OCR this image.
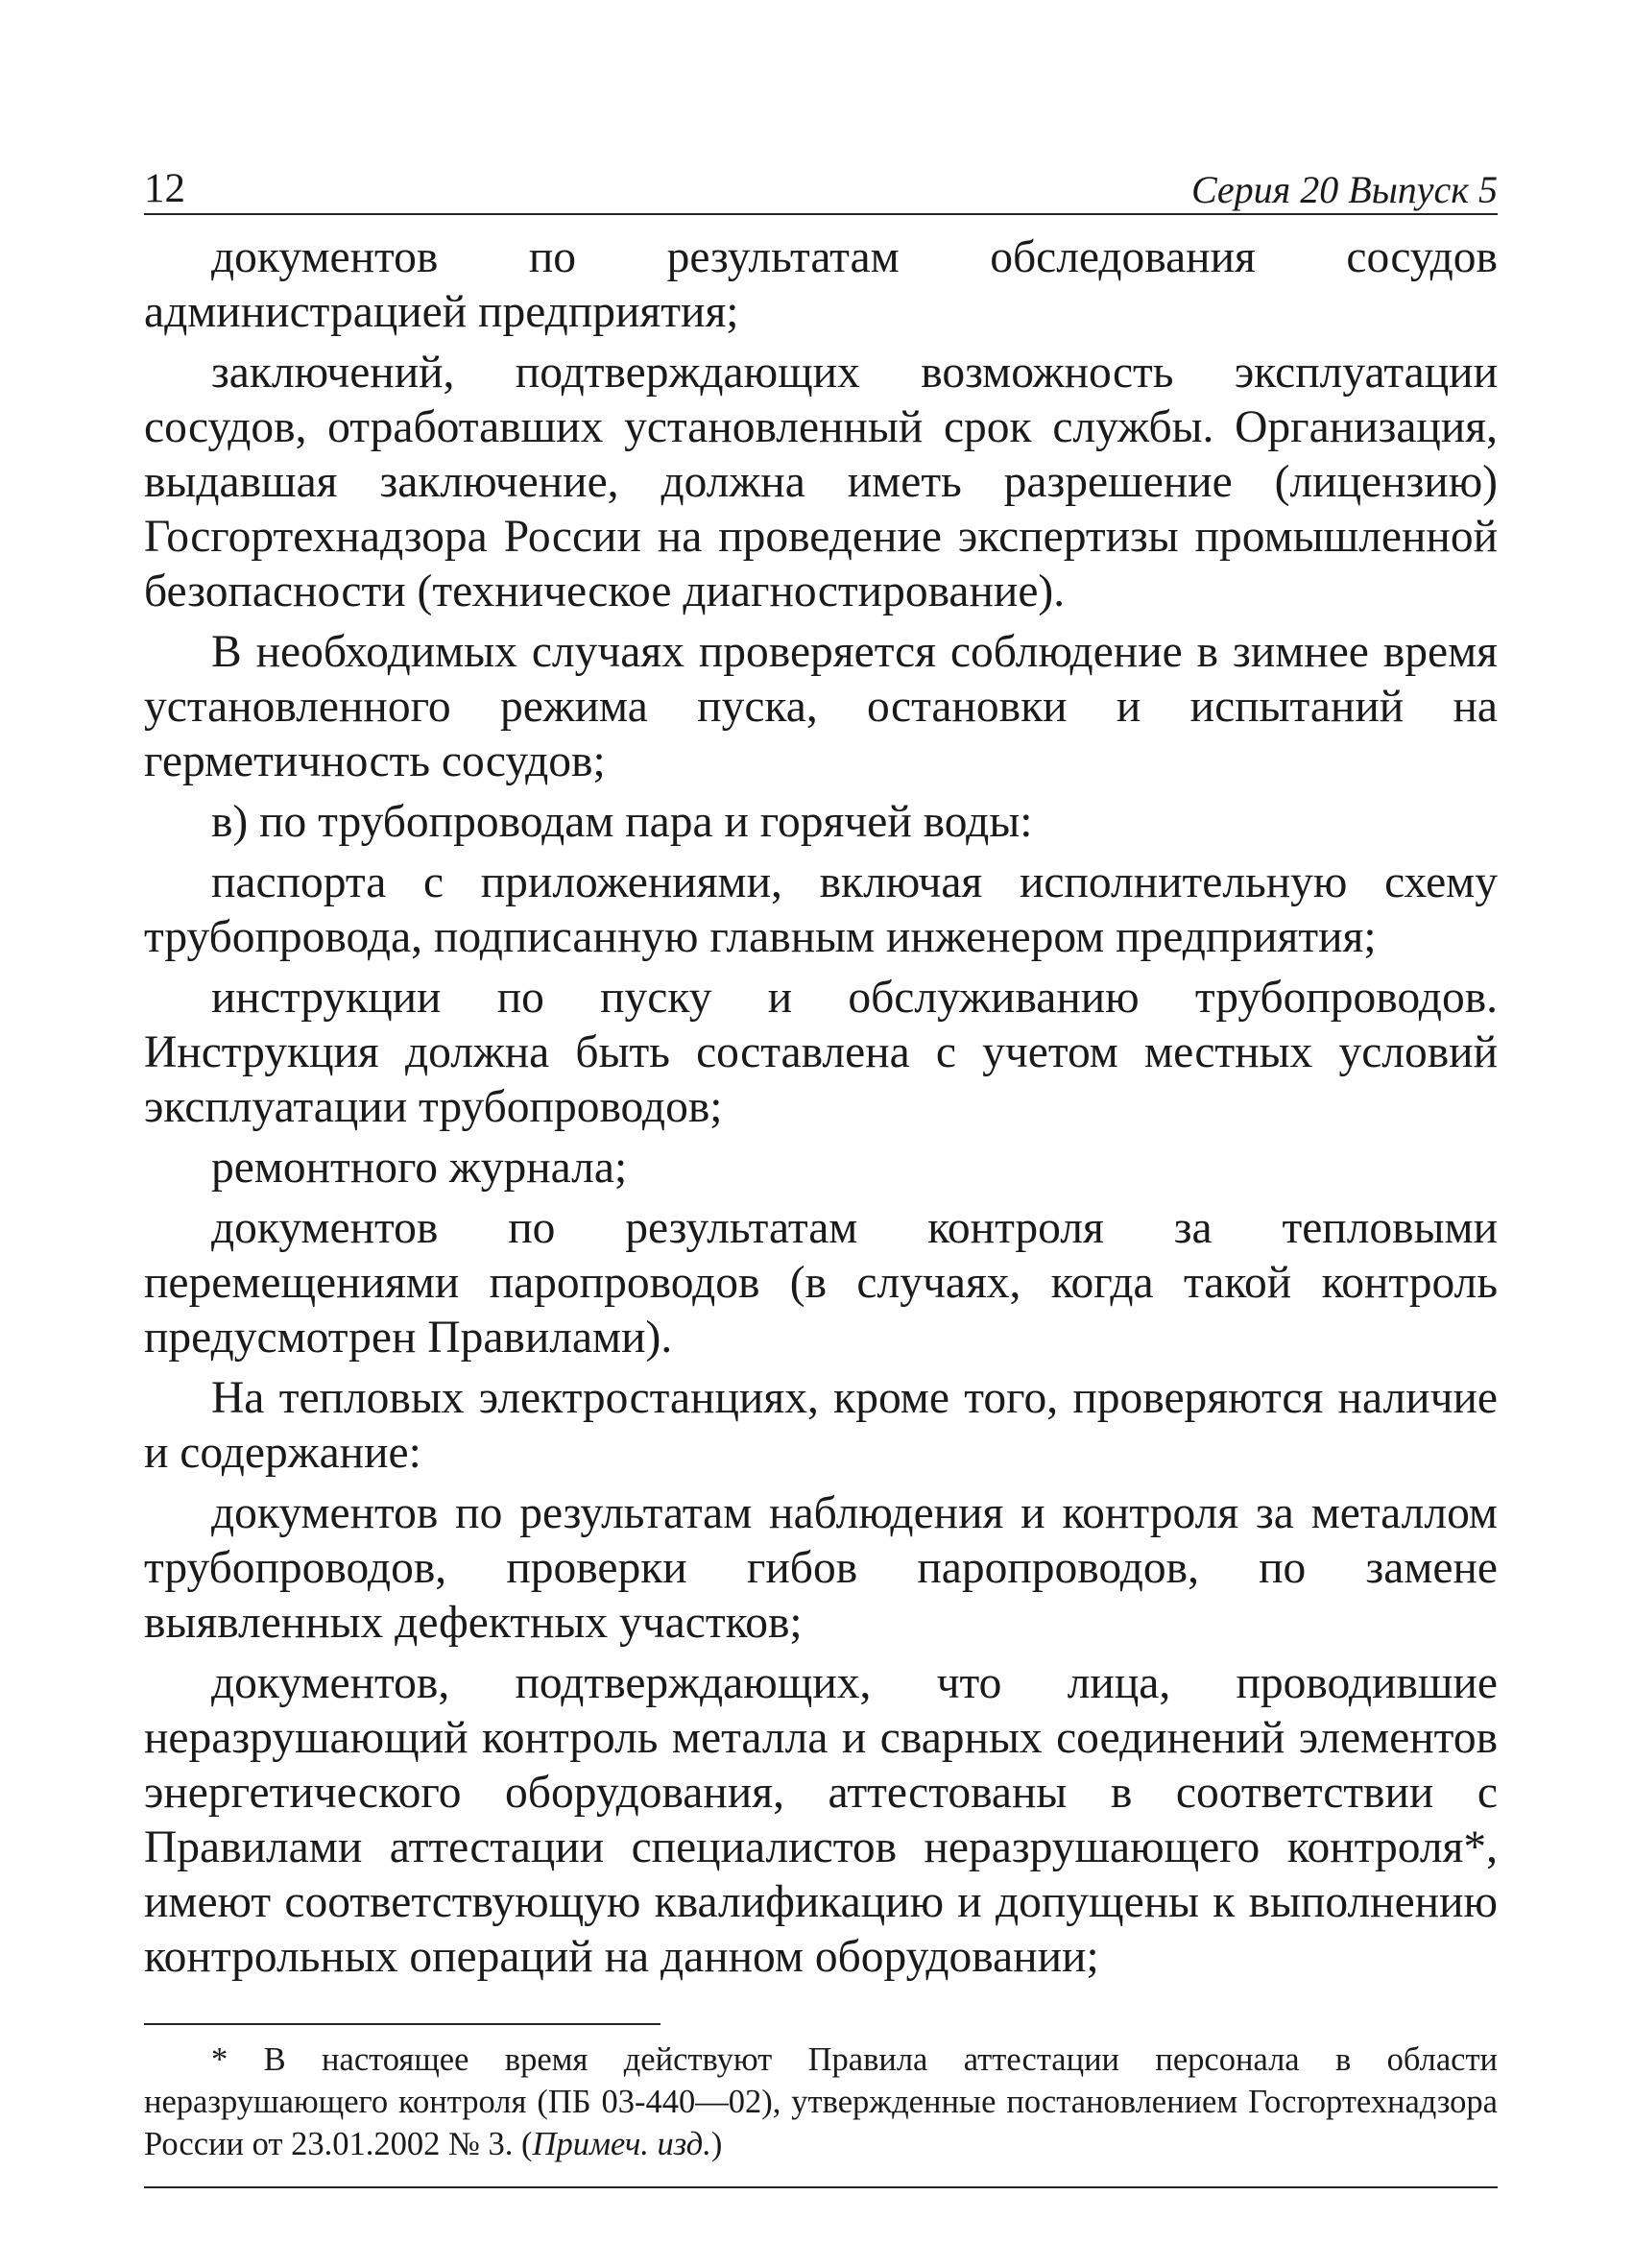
12	Серия 20 Выпуск 5

документов по результатам обследования сосудов администрацией предприятия;

заключений, подтверждающих возможность эксплуатации сосудов, отработавших установленный срок службы. Организация, выдавшая заключение, должна иметь разрешение (лицензию) Госгортехнадзора России на проведение экспертизы промышленной безопасности (техническое диагностирование).

В необходимых случаях проверяется соблюдение в зимнее время установленного режима пуска, остановки и испытаний на герметичность сосудов;

в) по трубопроводам пара и горячей воды:

паспорта с приложениями, включая исполнительную схему трубопровода, подписанную главным инженером предприятия;

инструкции по пуску и обслуживанию трубопроводов. Инструкция должна быть составлена с учетом местных условий эксплуатации трубопроводов;

ремонтного журнала;

документов по результатам контроля за тепловыми перемещениями паропроводов (в случаях, когда такой контроль предусмотрен Правилами).

На тепловых электростанциях, кроме того, проверяются наличие и содержание:

документов по результатам наблюдения и контроля за металлом трубопроводов, проверки гибов паропроводов, по замене выявленных дефектных участков;

документов, подтверждающих, что лица, проводившие неразрушающий контроль металла и сварных соединений элементов энергетического оборудования, аттестованы в соответствии с Правилами аттестации специалистов неразрушающего контроля*, имеют соответствующую квалификацию и допущены к выполнению контрольных операций на данном оборудовании;

* В настоящее время действуют Правила аттестации персонала в области неразрушающего контроля (ПБ 03-440—02), утвержденные постановлением Госгортехнадзора России от 23.01.2002 № 3. (Примеч. изд.)
